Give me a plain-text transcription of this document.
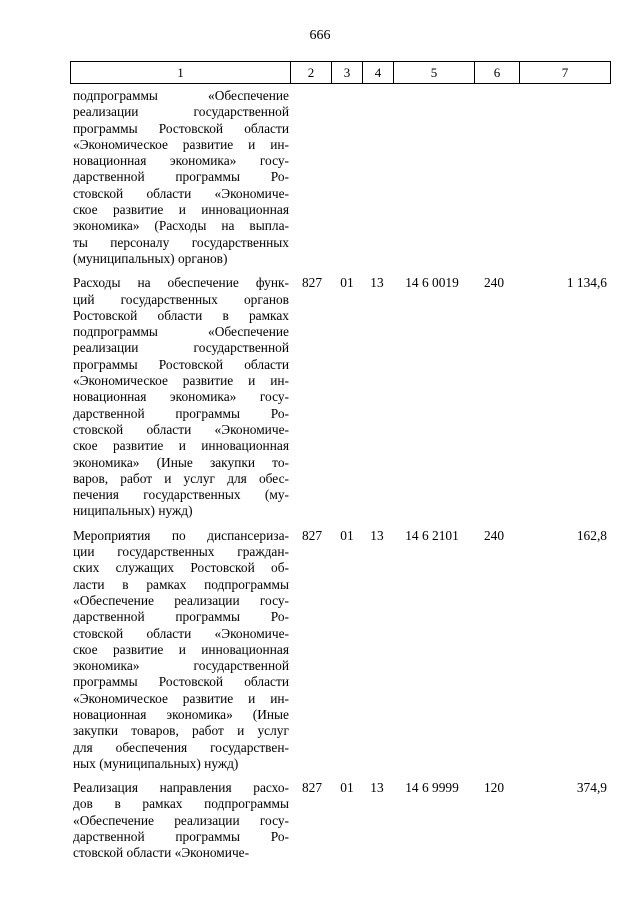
666
1	2	3	4	5	6	7
подпрограммы «Обеспечение
реализации государственной
программы Ростовской области
«Экономическое развитие и ин-
новационная экономика» госу-
дарственной программы Ро-
стовской области «Экономиче-
ское развитие и инновационная
экономика» (Расходы на выпла-
ты персоналу государственных
(муниципальных) органов)
Расходы на обеспечение функ-
ций государственных органов
Ростовской области в рамках
подпрограммы «Обеспечение
реализации государственной
программы Ростовской области
«Экономическое развитие и ин-
новационная экономика» госу-
дарственной программы Ро-
стовской области «Экономиче-
ское развитие и инновационная
экономика» (Иные закупки то-
варов, работ и услуг для обес-
печения государственных (му-
ниципальных) нужд)
827	01	13	14 6 0019	240	1 134,6
Мероприятия по диспансериза-
ции государственных граждан-
ских служащих Ростовской об-
ласти в рамках подпрограммы
«Обеспечение реализации госу-
дарственной программы Ро-
стовской области «Экономиче-
ское развитие и инновационная
экономика» государственной
программы Ростовской области
«Экономическое развитие и ин-
новационная экономика» (Иные
закупки товаров, работ и услуг
для обеспечения государствен-
ных (муниципальных) нужд)
827	01	13	14 6 2101	240	162,8
Реализация направления расхо-
дов в рамках подпрограммы
«Обеспечение реализации госу-
дарственной программы Ро-
стовской области «Экономиче-
827	01	13	14 6 9999	120	374,9
